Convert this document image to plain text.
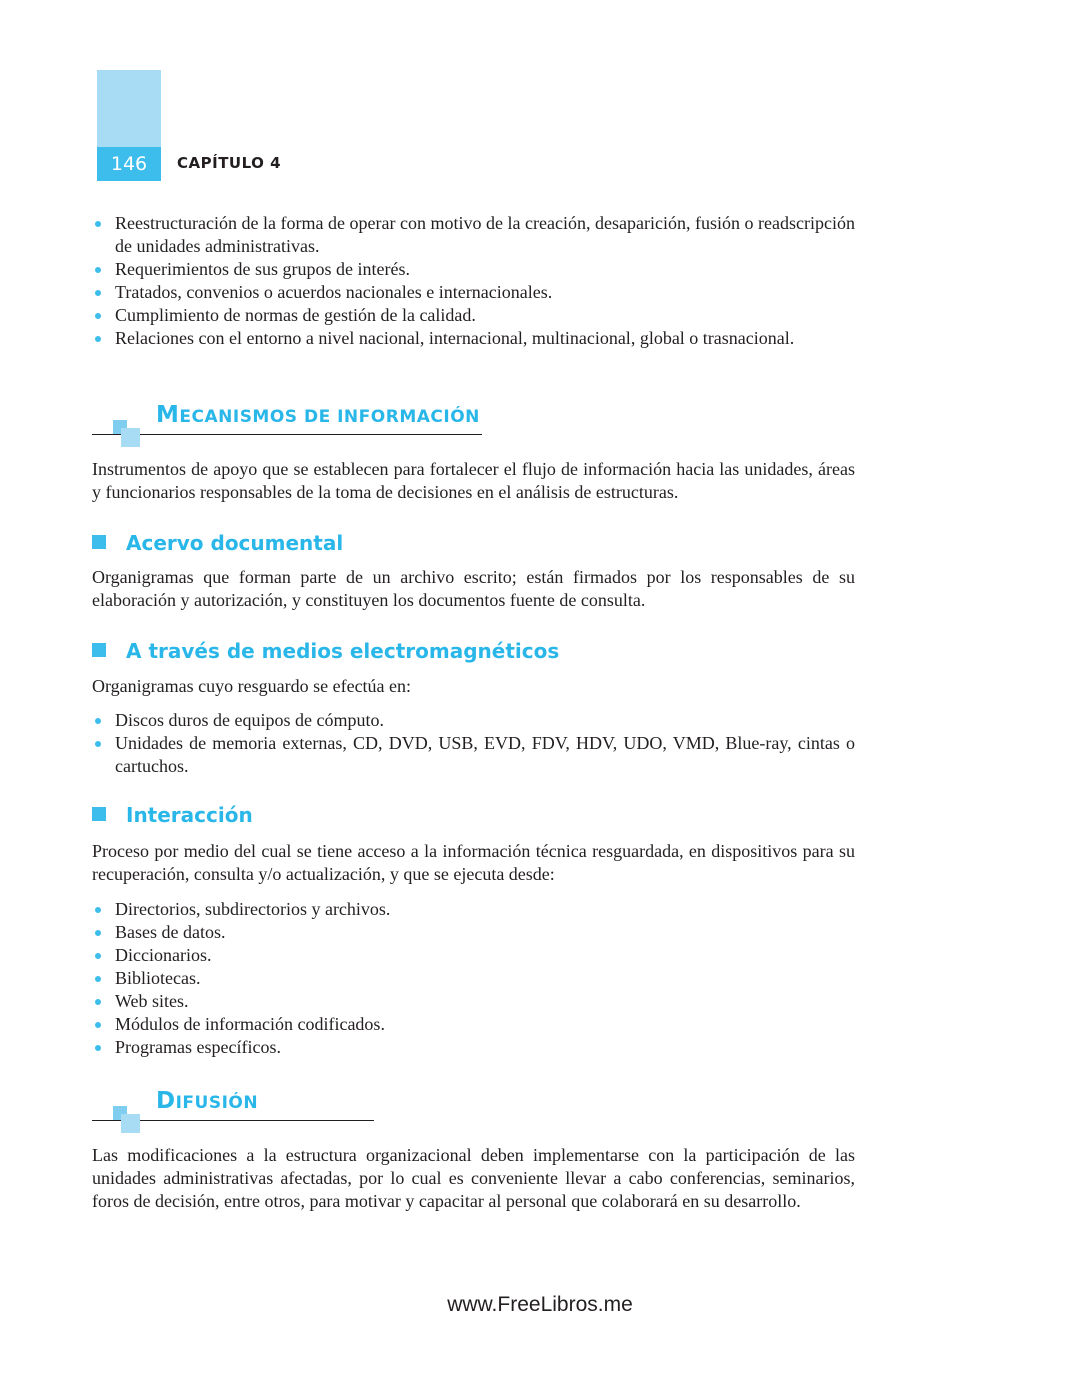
146	CAPÍTULO 4
Reestructuración de la forma de operar con motivo de la creación, desaparición, fusión o readscripción de unidades administrativas.
Requerimientos de sus grupos de interés.
Tratados, convenios o acuerdos nacionales e internacionales.
Cumplimiento de normas de gestión de la calidad.
Relaciones con el entorno a nivel nacional, internacional, multinacional, global o trasnacional.
MECANISMOS DE INFORMACIÓN

Instrumentos de apoyo que se establecen para fortalecer el flujo de información hacia las unidades, áreas y funcionarios responsables de la toma de decisiones en el análisis de estructuras.

Acervo documental

Organigramas que forman parte de un archivo escrito; están firmados por los responsables de su elaboración y autorización, y constituyen los documentos fuente de consulta.

A través de medios electromagnéticos

Organigramas cuyo resguardo se efectúa en:

Discos duros de equipos de cómputo.
Unidades de memoria externas, CD, DVD, USB, EVD, FDV, HDV, UDO, VMD, Blue-ray, cintas o cartuchos.
Interacción

Proceso por medio del cual se tiene acceso a la información técnica resguardada, en dispositivos para su recuperación, consulta y/o actualización, y que se ejecuta desde:

Directorios, subdirectorios y archivos.
Bases de datos.
Diccionarios.
Bibliotecas.
Web sites.
Módulos de información codificados.
Programas específicos.
DIFUSIÓN

Las modificaciones a la estructura organizacional deben implementarse con la participación de las unidades administrativas afectadas, por lo cual es conveniente llevar a cabo conferencias, seminarios, foros de decisión, entre otros, para motivar y capacitar al personal que colaborará en su desarrollo.

www.FreeLibros.me
